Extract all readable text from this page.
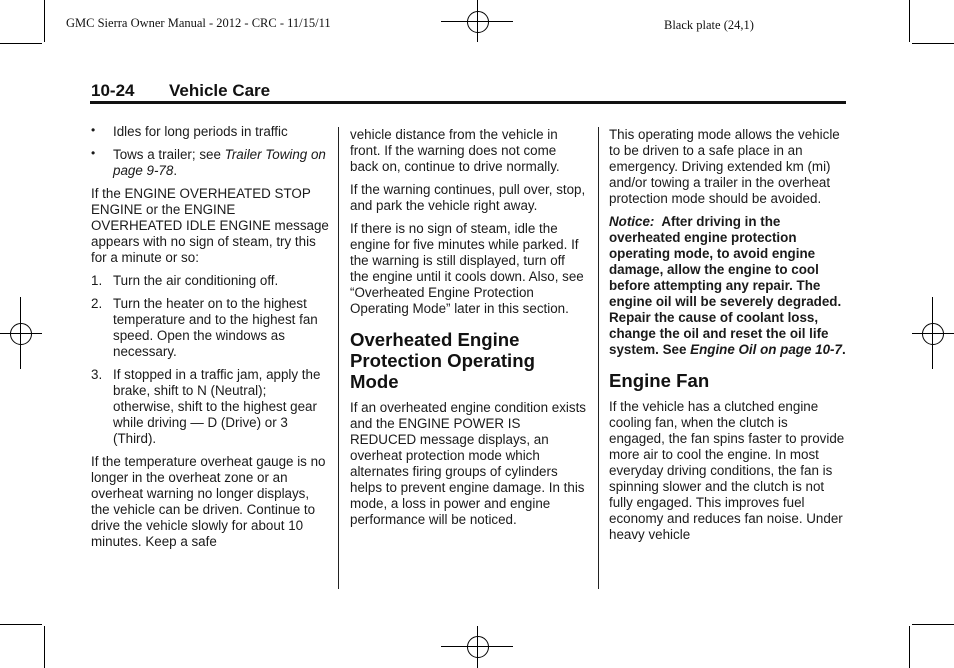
GMC Sierra Owner Manual - 2012 - CRC - 11/15/11	Black plate (24,1)
10-24 Vehicle Care
• Idles for long periods in traffic
• Tows a trailer; see Trailer Towing on page 9-78.

If the ENGINE OVERHEATED STOP ENGINE or the ENGINE OVERHEATED IDLE ENGINE message appears with no sign of steam, try this for a minute or so:

1. Turn the air conditioning off.
2. Turn the heater on to the highest temperature and to the highest fan speed. Open the windows as necessary.
3. If stopped in a traffic jam, apply the brake, shift to N (Neutral); otherwise, shift to the highest gear while driving — D (Drive) or 3 (Third).

If the temperature overheat gauge is no longer in the overheat zone or an overheat warning no longer displays, the vehicle can be driven. Continue to drive the vehicle slowly for about 10 minutes. Keep a safe

vehicle distance from the vehicle in front. If the warning does not come back on, continue to drive normally.

If the warning continues, pull over, stop, and park the vehicle right away.

If there is no sign of steam, idle the engine for five minutes while parked. If the warning is still displayed, turn off the engine until it cools down. Also, see “Overheated Engine Protection Operating Mode” later in this section.

Overheated Engine Protection Operating Mode

If an overheated engine condition exists and the ENGINE POWER IS REDUCED message displays, an overheat protection mode which alternates firing groups of cylinders helps to prevent engine damage. In this mode, a loss in power and engine performance will be noticed.

This operating mode allows the vehicle to be driven to a safe place in an emergency. Driving extended km (mi) and/or towing a trailer in the overheat protection mode should be avoided.

Notice: After driving in the overheated engine protection operating mode, to avoid engine damage, allow the engine to cool before attempting any repair. The engine oil will be severely degraded. Repair the cause of coolant loss, change the oil and reset the oil life system. See Engine Oil on page 10-7.

Engine Fan

If the vehicle has a clutched engine cooling fan, when the clutch is engaged, the fan spins faster to provide more air to cool the engine. In most everyday driving conditions, the fan is spinning slower and the clutch is not fully engaged. This improves fuel economy and reduces fan noise. Under heavy vehicle
